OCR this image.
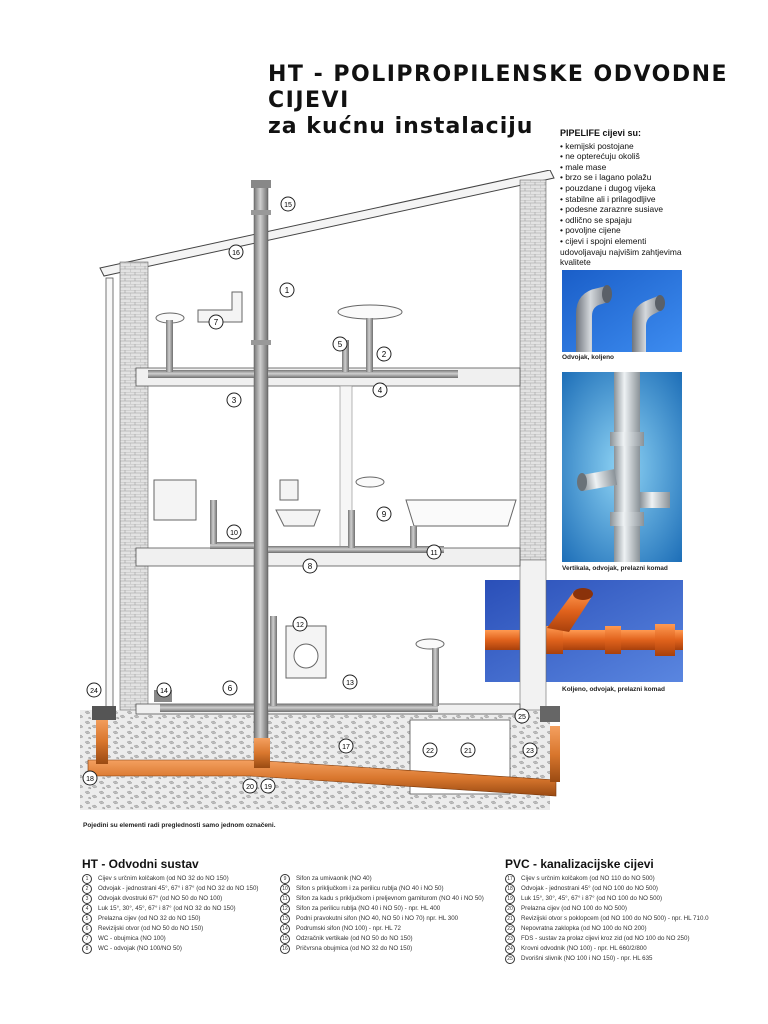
HT - POLIPROPILENSKE ODVODNE CIJEVI
za kućnu instalaciju	PIPELIFE cijevi su:
• kemijski postojane
• ne opterećuju okoliš
• male mase
• brzo se i lagano polažu
• pouzdane i dugog vijeka
• stabilne ali i prilagodljive
• podesne zaraznre susiave
• odlično se spajaju
• povoljne cijene
• cijevi i spojni elementi udovoljavaju najvišim zahtjevima kvalitete
Odvojak, koljeno
Vertikala, odvojak, prelazni komad
Koljeno, odvojak, prelazni komad
1
2
3
4
5
6
7
8
9
10
11
12
13
14
15
16
17
18
19
20
21
22	23
24
25
Pojedini su elementi radi preglednosti samo jednom označeni.
HT - Odvodni sustav
1	Cijev s určnim kolčakom (od NO 32 do NO 150)
2	Odvojak - jednostrani 45°, 67° i 87° (od NO 32 do NO 150)
3	Odvojak dvostruki 67° (od NO 50 do NO 100)
4	Luk 15°, 30°, 45°, 67° i 87° (od NO 32 do NO 150)
5	Prelazna cijev (od NO 32 do NO 150)
6	Revizijski otvor (od NO 50 do NO 150)
7	WC - obujmica (NO 100)
8	WC - odvojak (NO 100/NO 50)
9	Sifon za umivaonik (NO 40)
10	Sifon s priključkom i za perilicu rublja (NO 40 i NO 50)
11	Sifon za kadu s priključkom i preljevnom garniturom (NO 40 i NO 50)
12	Sifon za perilicu rublja (NO 40 i NO 50) - npr. HL 400
13	Podni pravokutni sifon (NO 40, NO 50 i NO 70) npr. HL 300
14	Podrumski sifon (NO 100) - npr. HL 72
15	Odzračnik vertikale (od NO 50 do NO 150)
16	Pričvrsna obujmica (od NO 32 do NO 150)
PVC - kanalizacijske cijevi
17	Cijev s určnim kolčakom (od NO 110 do NO 500)
18	Odvojak - jednostrani 45° (od NO 100 do NO 500)
19	Luk 15°, 30°, 45°, 67° i 87° (od NO 100 do NO 500)
20	Prelazna cijev (od NO 100 do NO 500)
21	Revizijski otvor s poklopcem (od NO 100 do NO 500) - npr. HL 710.0
22	Nepovratna zaklopka (od NO 100 do NO 200)
23	FDS - sustav za prolaz cijevi kroz zid (od NO 100 do NO 250)
24	Krovni odvodnik (NO 100) - npr. HL 660/2/800
25	Dvorišni slivnik (NO 100 i NO 150) - npr. HL 635
